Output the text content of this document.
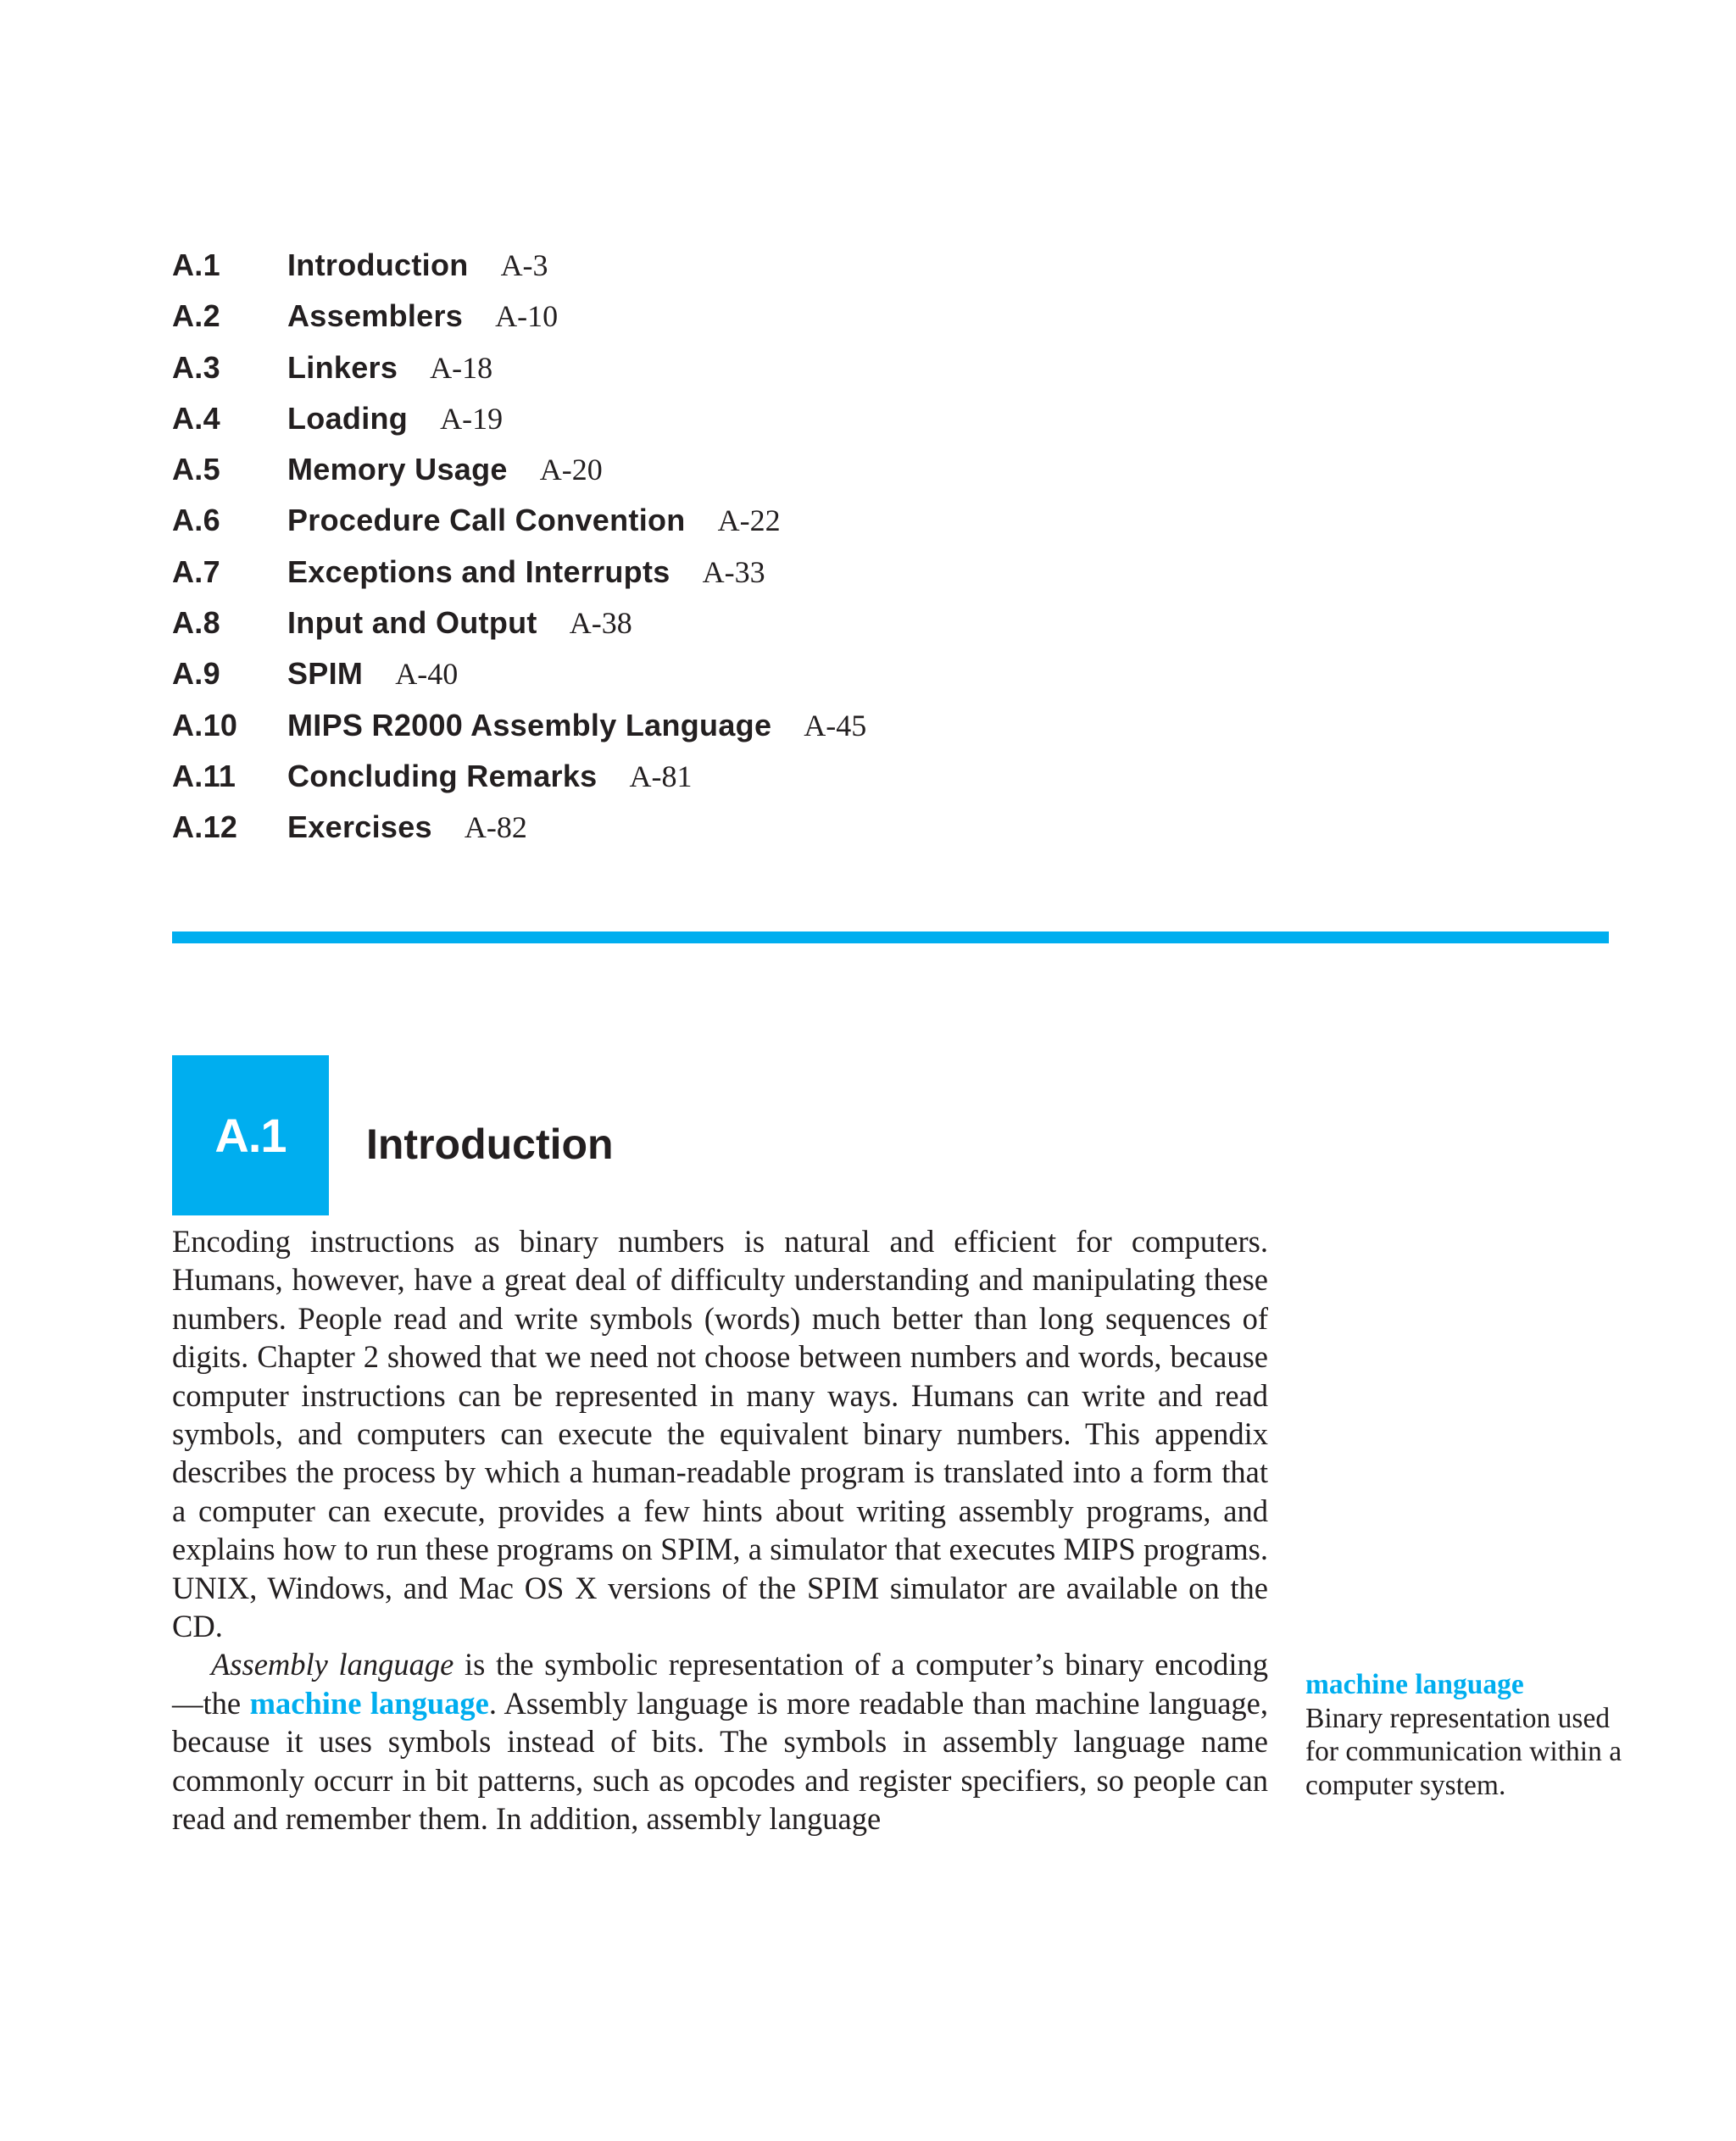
A.1	Introduction A-3
A.2	Assemblers A-10
A.3	Linkers A-18
A.4	Loading A-19
A.5	Memory Usage A-20
A.6	Procedure Call Convention A-22
A.7	Exceptions and Interrupts A-33
A.8	Input and Output A-38
A.9	SPIM A-40
A.10	MIPS R2000 Assembly Language A-45
A.11	Concluding Remarks A-81
A.12	Exercises A-82
A.1 Introduction

Encoding instructions as binary numbers is natural and efficient for computers. Humans, however, have a great deal of difficulty understanding and manipulating these numbers. People read and write symbols (words) much better than long sequences of digits. Chapter 2 showed that we need not choose between numbers and words, because computer instructions can be represented in many ways. Humans can write and read symbols, and computers can execute the equivalent binary numbers. This appendix describes the process by which a human-readable program is translated into a form that a computer can execute, provides a few hints about writing assembly programs, and explains how to run these programs on SPIM, a simulator that executes MIPS programs. UNIX, Windows, and Mac OS X versions of the SPIM simulator are available on the CD.

Assembly language is the symbolic representation of a computer’s binary encoding—the machine language. Assembly language is more readable than machine language, because it uses symbols instead of bits. The symbols in assembly language name commonly occurr in bit patterns, such as opcodes and register specifiers, so people can read and remember them. In addition, assembly language

machine language
Binary representation used for communication within a computer system.
